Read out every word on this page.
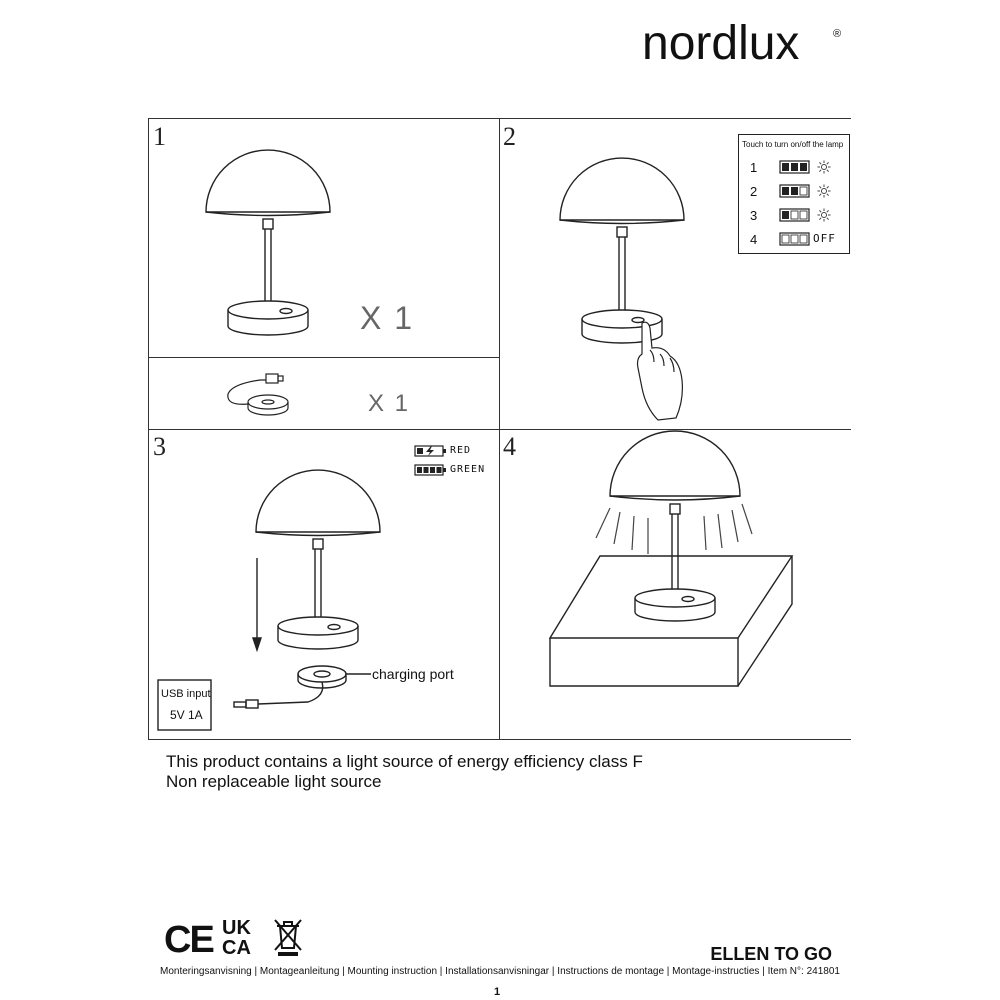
nordlux	®
1	2
3	4
X 1
X 1
Touch to turn on/off the lamp
1
2
3
4	OFF
RED
GREEN
USB input
5V 1A
charging port
This product contains a light source of energy efficiency class F
Non replaceable light source
CE UK CA	ELLEN TO GO
Monteringsanvisning | Montageanleitung | Mounting instruction | Installationsanvisningar | Instructions de montage | Montage-instructies | Item N°: 241801
1
